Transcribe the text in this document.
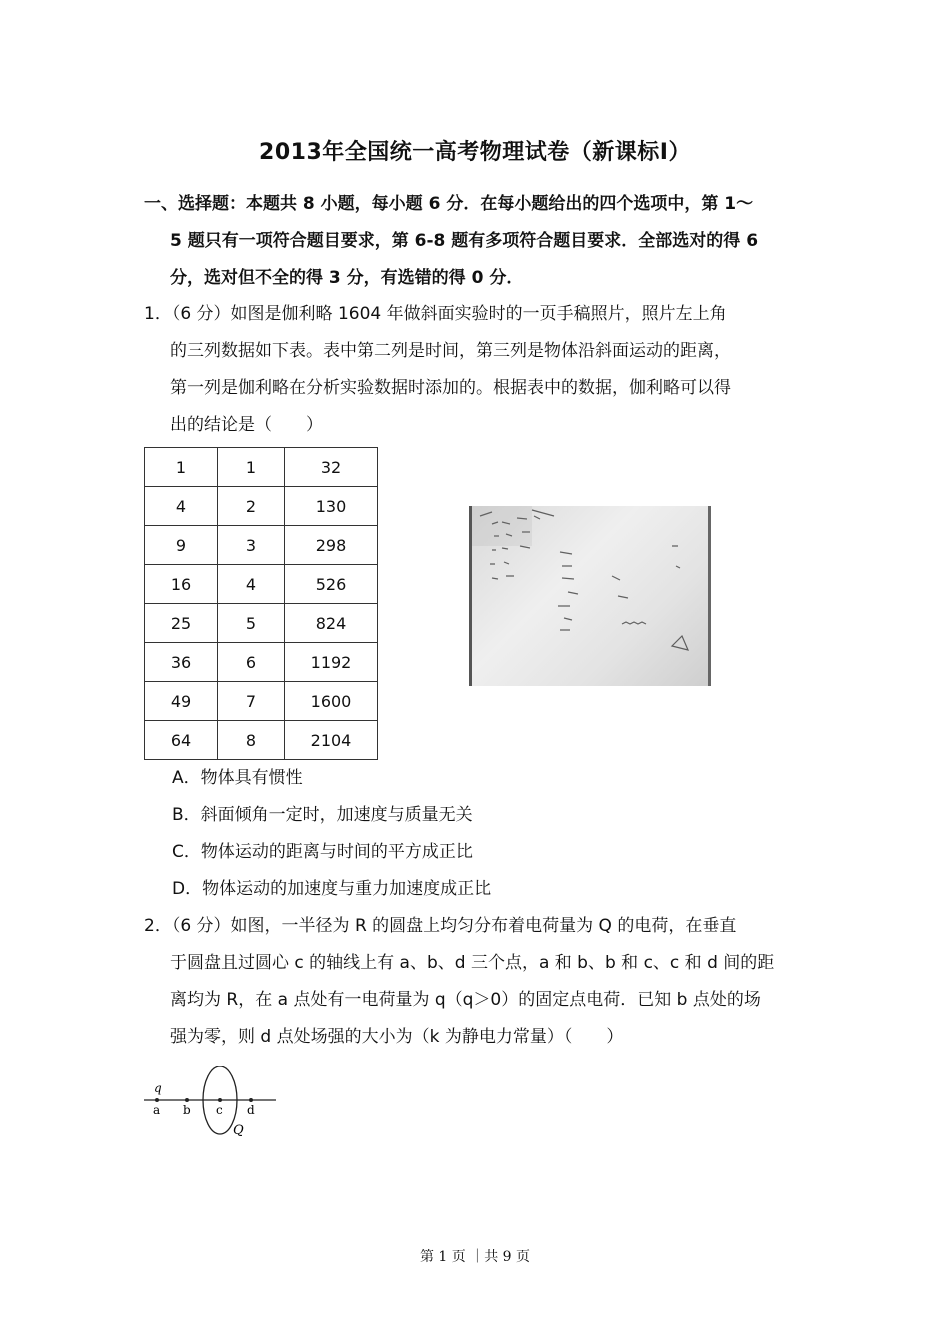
2013年全国统一高考物理试卷（新课标Ⅰ）
一、选择题：本题共 8 小题，每小题 6 分．在每小题给出的四个选项中，第 1～
5 题只有一项符合题目要求，第 6-8 题有多项符合题目要求．全部选对的得 6
分，选对但不全的得 3 分，有选错的得 0 分．
1．（6 分）如图是伽利略 1604 年做斜面实验时的一页手稿照片，照片左上角
的三列数据如下表。表中第二列是时间，第三列是物体沿斜面运动的距离，
第一列是伽利略在分析实验数据时添加的。根据表中的数据，伽利略可以得
出的结论是（　　）
1	1	32
4	2	130
9	3	298
16	4	526
25	5	824
36	6	1192
49	7	1600
64	8	2104
A．物体具有惯性
B．斜面倾角一定时，加速度与质量无关
C．物体运动的距离与时间的平方成正比
D．物体运动的加速度与重力加速度成正比
2．（6 分）如图，一半径为 R 的圆盘上均匀分布着电荷量为 Q 的电荷，在垂直
于圆盘且过圆心 c 的轴线上有 a、b、d 三个点，a 和 b、b 和 c、c 和 d 间的距
离均为 R，在 a 点处有一电荷量为 q（q＞0）的固定点电荷．已知 b 点处的场
强为零，则 d 点处场强的大小为（k 为静电力常量）（　　）
q
a b c d
Q
第 1 页 ｜共 9 页
